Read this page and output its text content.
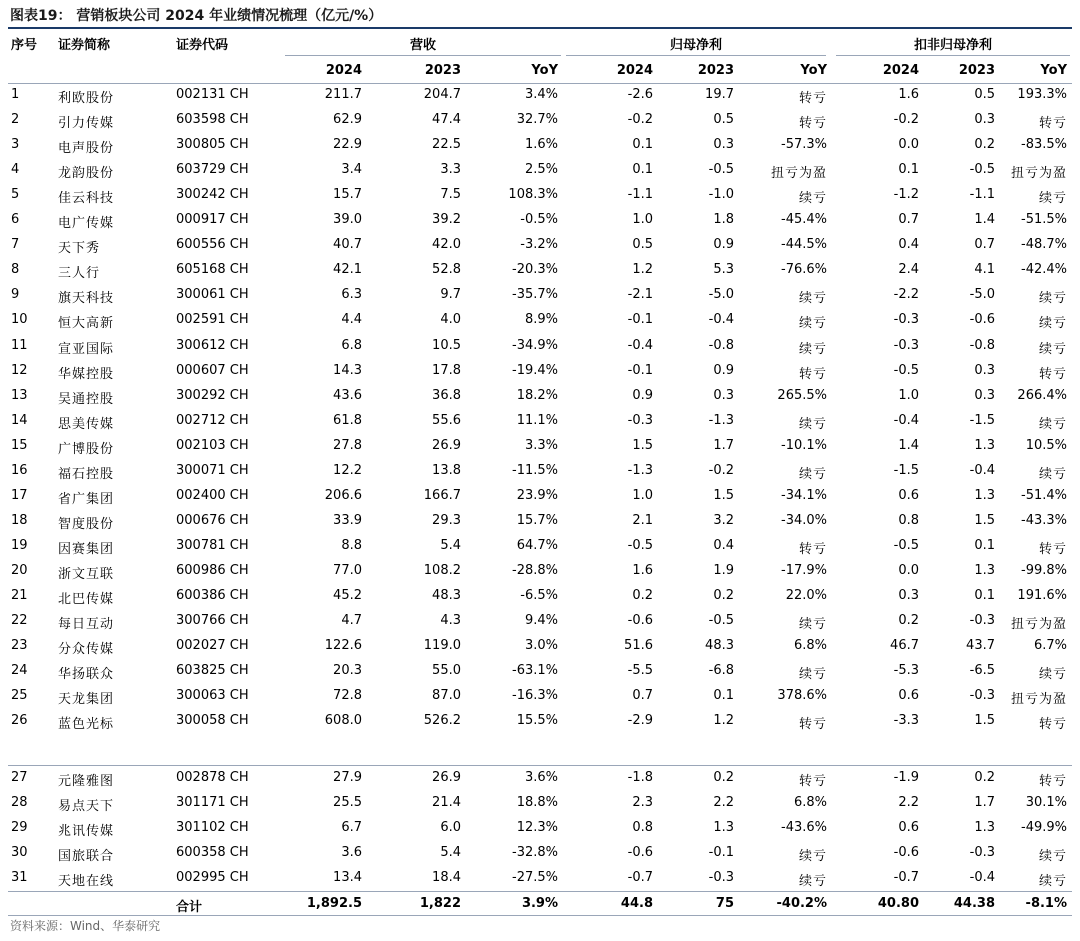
图表19： 营销板块公司 2024 年业绩情况梳理（亿元/%）
序号 证券简称	证券代码	营收	归母净利	扣非归母净利
2024	2023	YoY	2024	2023	YoY	2024	2023	YoY
1	利欧股份	002131 CH	211.7	204.7	3.4%	-2.6	19.7	转亏	1.6	0.5	193.3%
2	引力传媒	603598 CH	62.9	47.4	32.7%	-0.2	0.5	转亏	-0.2	0.3	转亏
3	电声股份	300805 CH	22.9	22.5	1.6%	0.1	0.3	-57.3%	0.0	0.2	-83.5%
4	龙韵股份	603729 CH	3.4	3.3	2.5%	0.1	-0.5	扭亏为盈	0.1	-0.5	扭亏为盈
5	佳云科技	300242 CH	15.7	7.5	108.3%	-1.1	-1.0	续亏	-1.2	-1.1	续亏
6	电广传媒	000917 CH	39.0	39.2	-0.5%	1.0	1.8	-45.4%	0.7	1.4	-51.5%
7	天下秀	600556 CH	40.7	42.0	-3.2%	0.5	0.9	-44.5%	0.4	0.7	-48.7%
8	三人行	605168 CH	42.1	52.8	-20.3%	1.2	5.3	-76.6%	2.4	4.1	-42.4%
9	旗天科技	300061 CH	6.3	9.7	-35.7%	-2.1	-5.0	续亏	-2.2	-5.0	续亏
10 恒大高新	002591 CH	4.4	4.0	8.9%	-0.1	-0.4	续亏	-0.3	-0.6	续亏
11 宣亚国际	300612 CH	6.8	10.5	-34.9%	-0.4	-0.8	续亏	-0.3	-0.8	续亏
12 华媒控股	000607 CH	14.3	17.8	-19.4%	-0.1	0.9	转亏	-0.5	0.3	转亏
13 吴通控股	300292 CH	43.6	36.8	18.2%	0.9	0.3	265.5%	1.0	0.3	266.4%
14 思美传媒	002712 CH	61.8	55.6	11.1%	-0.3	-1.3	续亏	-0.4	-1.5	续亏
15 广博股份	002103 CH	27.8	26.9	3.3%	1.5	1.7	-10.1%	1.4	1.3	10.5%
16 福石控股	300071 CH	12.2	13.8	-11.5%	-1.3	-0.2	续亏	-1.5	-0.4	续亏
17 省广集团	002400 CH	206.6	166.7	23.9%	1.0	1.5	-34.1%	0.6	1.3	-51.4%
18 智度股份	000676 CH	33.9	29.3	15.7%	2.1	3.2	-34.0%	0.8	1.5	-43.3%
19 因赛集团	300781 CH	8.8	5.4	64.7%	-0.5	0.4	转亏	-0.5	0.1	转亏
20 浙文互联	600986 CH	77.0	108.2	-28.8%	1.6	1.9	-17.9%	0.0	1.3	-99.8%
21 北巴传媒	600386 CH	45.2	48.3	-6.5%	0.2	0.2	22.0%	0.3	0.1	191.6%
22 每日互动	300766 CH	4.7	4.3	9.4%	-0.6	-0.5	续亏	0.2	-0.3	扭亏为盈
23 分众传媒	002027 CH	122.6	119.0	3.0%	51.6	48.3	6.8%	46.7	43.7	6.7%
24 华扬联众	603825 CH	20.3	55.0	-63.1%	-5.5	-6.8	续亏	-5.3	-6.5	续亏
25 天龙集团	300063 CH	72.8	87.0	-16.3%	0.7	0.1	378.6%	0.6	-0.3	扭亏为盈
26 蓝色光标	300058 CH	608.0	526.2	15.5%	-2.9	1.2	转亏	-3.3	1.5	转亏
27 元隆雅图	002878 CH	27.9	26.9	3.6%	-1.8	0.2	转亏	-1.9	0.2	转亏
28 易点天下	301171 CH	25.5	21.4	18.8%	2.3	2.2	6.8%	2.2	1.7	30.1%
29 兆讯传媒	301102 CH	6.7	6.0	12.3%	0.8	1.3	-43.6%	0.6	1.3	-49.9%
30 国旅联合	600358 CH	3.6	5.4	-32.8%	-0.6	-0.1	续亏	-0.6	-0.3	续亏
31 天地在线	002995 CH	13.4	18.4	-27.5%	-0.7	-0.3	续亏	-0.7	-0.4	续亏
合计	1,892.5	1,822	3.9%	44.8	75	-40.2%	40.80	44.38	-8.1%
资料来源：Wind、华泰研究
